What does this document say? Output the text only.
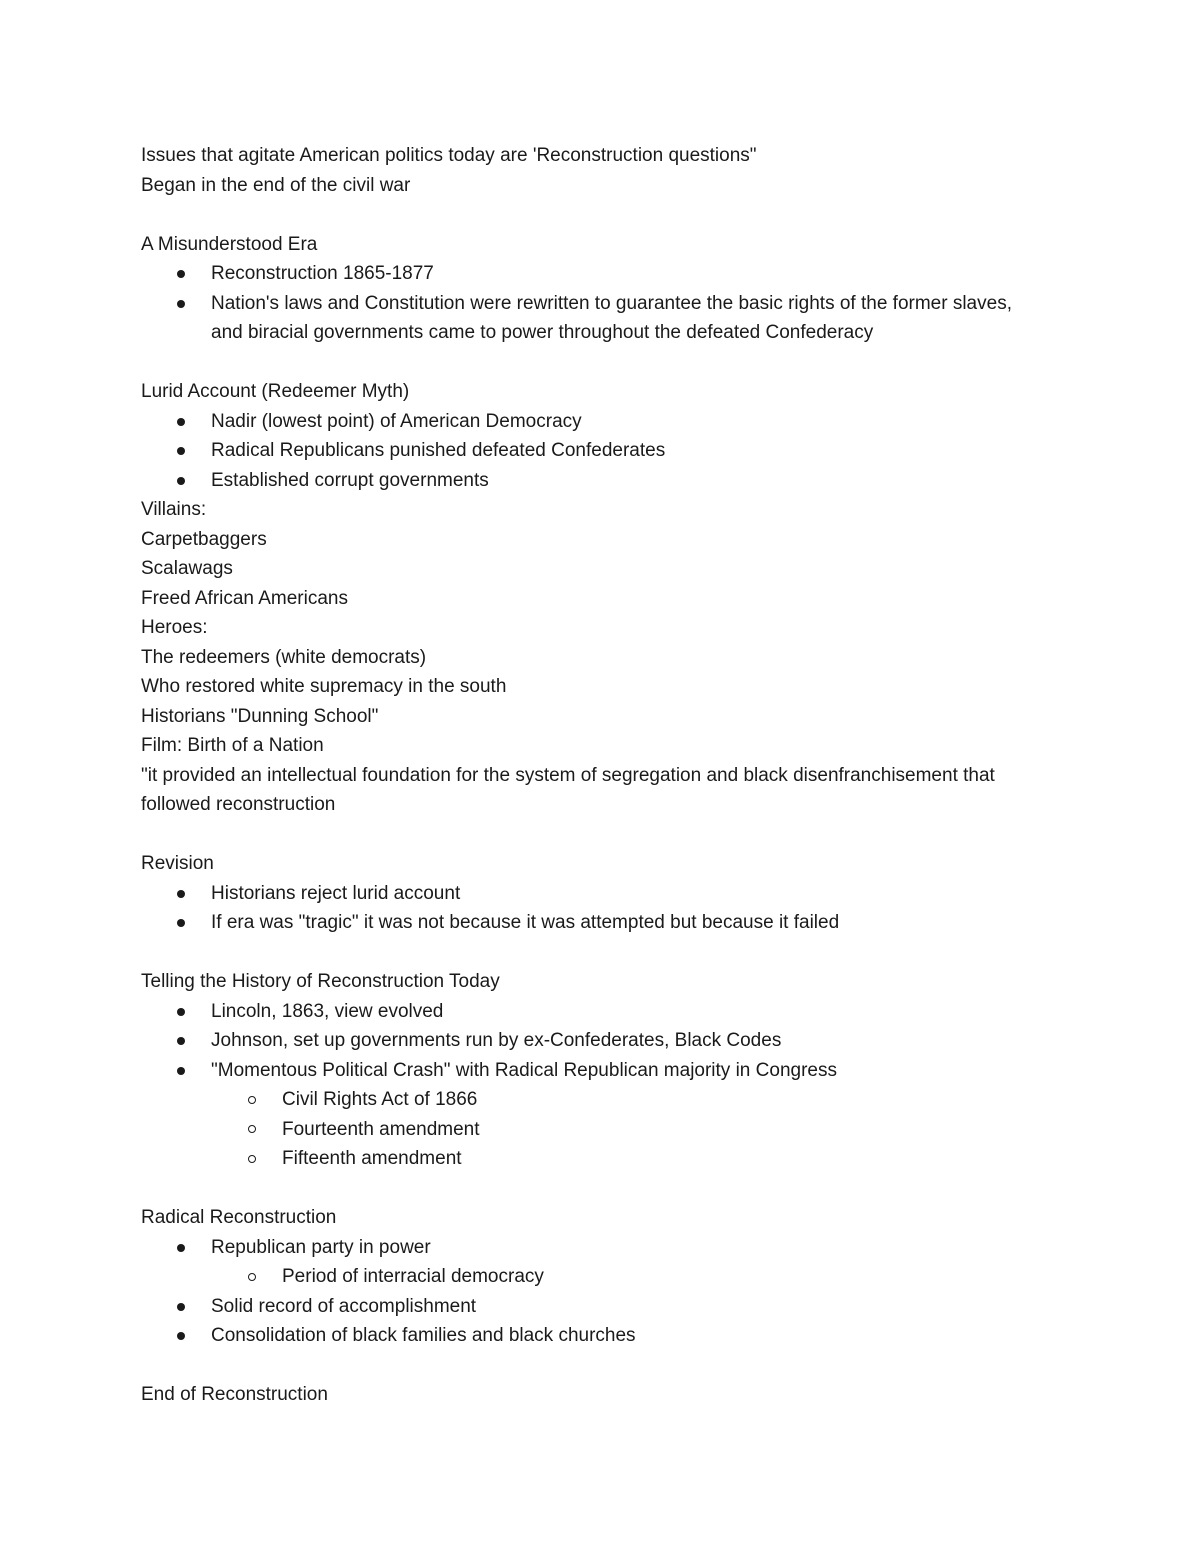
Issues that agitate American politics today are 'Reconstruction questions"

Began in the end of the civil war

A Misunderstood Era

Reconstruction 1865-1877
Nation's laws and Constitution were rewritten to guarantee the basic rights of the former slaves,
and biracial governments came to power throughout the defeated Confederacy

Lurid Account (Redeemer Myth)

Nadir (lowest point) of American Democracy
Radical Republicans punished defeated Confederates
Established corrupt governments

Villains:

Carpetbaggers

Scalawags

Freed African Americans

Heroes:

The redeemers (white democrats)

Who restored white supremacy in the south

Historians "Dunning School"

Film: Birth of a Nation

"it provided an intellectual foundation for the system of segregation and black disenfranchisement that

followed reconstruction

Revision

Historians reject lurid account
If era was "tragic" it was not because it was attempted but because it failed

Telling the History of Reconstruction Today

Lincoln, 1863, view evolved
Johnson, set up governments run by ex-Confederates, Black Codes
"Momentous Political Crash" with Radical Republican majority in Congress
Civil Rights Act of 1866
Fourteenth amendment
Fifteenth amendment

Radical Reconstruction

Republican party in power
Period of interracial democracy
Solid record of accomplishment
Consolidation of black families and black churches

End of Reconstruction
